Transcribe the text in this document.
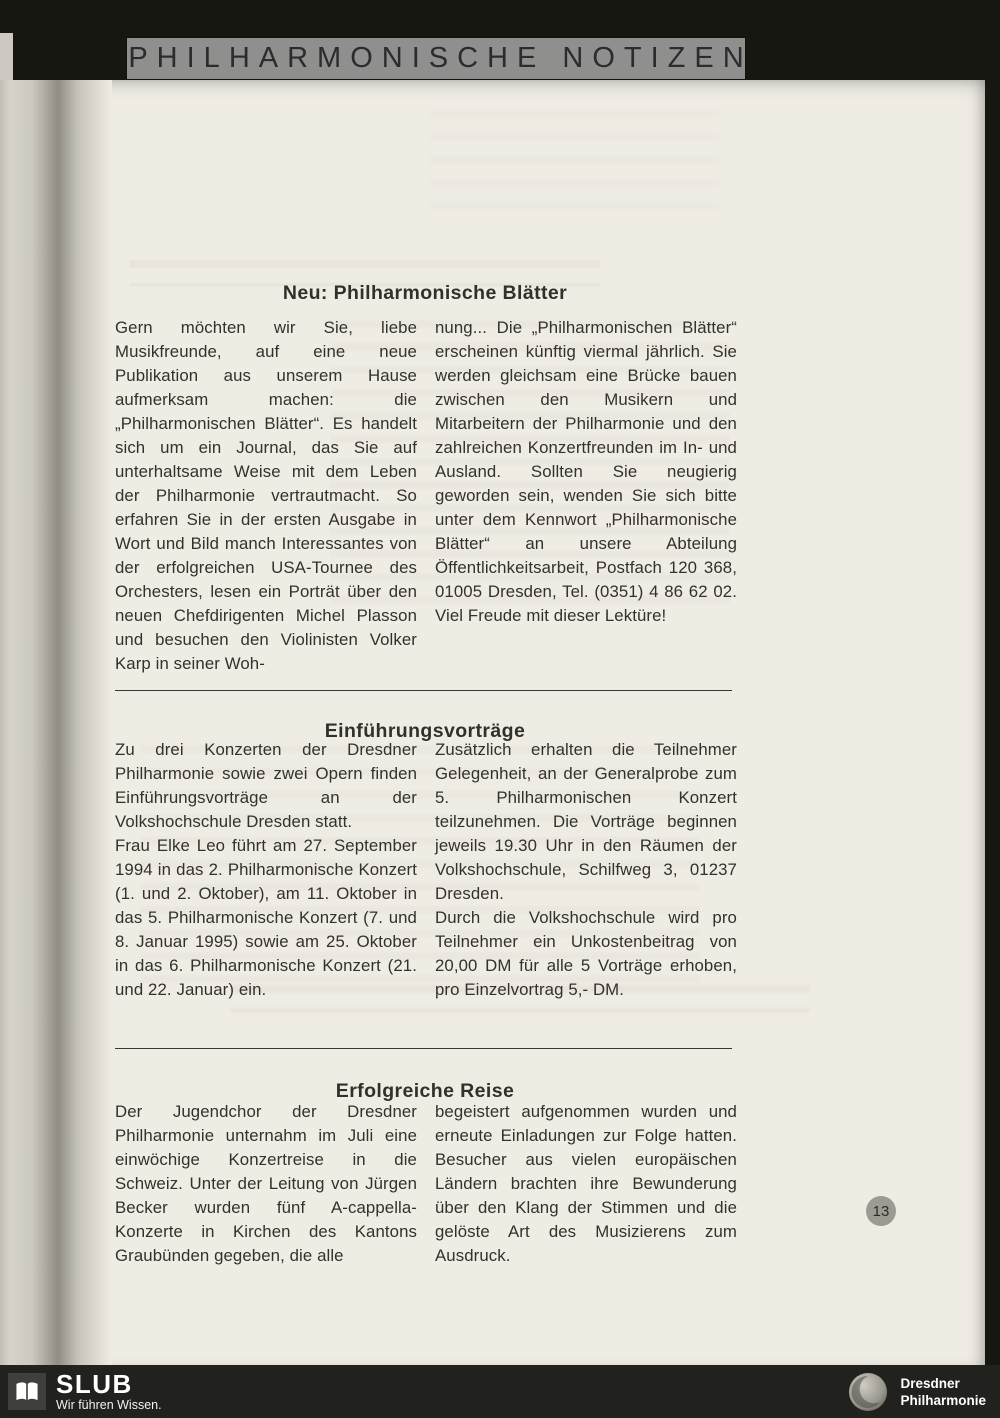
PHILHARMONISCHE NOTIZEN
Neu: Philharmonische Blätter

Gern möchten wir Sie, liebe Musikfreunde, auf eine neue Publikation aus unserem Hause aufmerksam machen: die „Philharmonischen Blätter“. Es handelt sich um ein Journal, das Sie auf unterhaltsame Weise mit dem Leben der Philharmonie vertrautmacht. So erfahren Sie in der ersten Ausgabe in Wort und Bild manch Interessantes von der erfolgreichen USA-Tournee des Orchesters, lesen ein Porträt über den neuen Chefdirigenten Michel Plasson und besuchen den Violinisten Volker Karp in seiner Woh-

nung... Die „Philharmonischen Blätter“ erscheinen künftig viermal jährlich. Sie werden gleichsam eine Brücke bauen zwischen den Musikern und Mitarbeitern der Philharmonie und den zahlreichen Konzertfreunden im In- und Ausland. Sollten Sie neugierig geworden sein, wenden Sie sich bitte unter dem Kennwort „Philharmonische Blätter“ an unsere Abteilung Öffentlichkeitsarbeit, Postfach 120 368, 01005 Dresden, Tel. (0351) 4 86 62 02. Viel Freude mit dieser Lektüre!

Einführungsvorträge

Zu drei Konzerten der Dresdner Philharmonie sowie zwei Opern finden Einführungsvorträge an der Volkshochschule Dresden statt.

Frau Elke Leo führt am 27. September 1994 in das 2. Philharmonische Konzert (1. und 2. Oktober), am 11. Oktober in das 5. Philharmonische Konzert (7. und 8. Januar 1995) sowie am 25. Oktober in das 6. Philharmonische Konzert (21. und 22. Januar) ein.

Zusätzlich erhalten die Teilnehmer Gelegenheit, an der Generalprobe zum 5. Philharmonischen Konzert teilzunehmen. Die Vorträge beginnen jeweils 19.30 Uhr in den Räumen der Volkshochschule, Schilfweg 3, 01237 Dresden.

Durch die Volkshochschule wird pro Teilnehmer ein Unkostenbeitrag von 20,00 DM für alle 5 Vorträge erhoben, pro Einzelvortrag 5,- DM.

Erfolgreiche Reise

Der Jugendchor der Dresdner Philharmonie unternahm im Juli eine einwöchige Konzertreise in die Schweiz. Unter der Leitung von Jürgen Becker wurden fünf A-cappella-Konzerte in Kirchen des Kantons Graubünden gegeben, die alle

begeistert aufgenommen wurden und erneute Einladungen zur Folge hatten. Besucher aus vielen europäischen Ländern brachten ihre Bewunderung über den Klang der Stimmen und die gelöste Art des Musizierens zum Ausdruck.

13
SLUB
Wir führen Wissen.
Dresdner
Philharmonie
